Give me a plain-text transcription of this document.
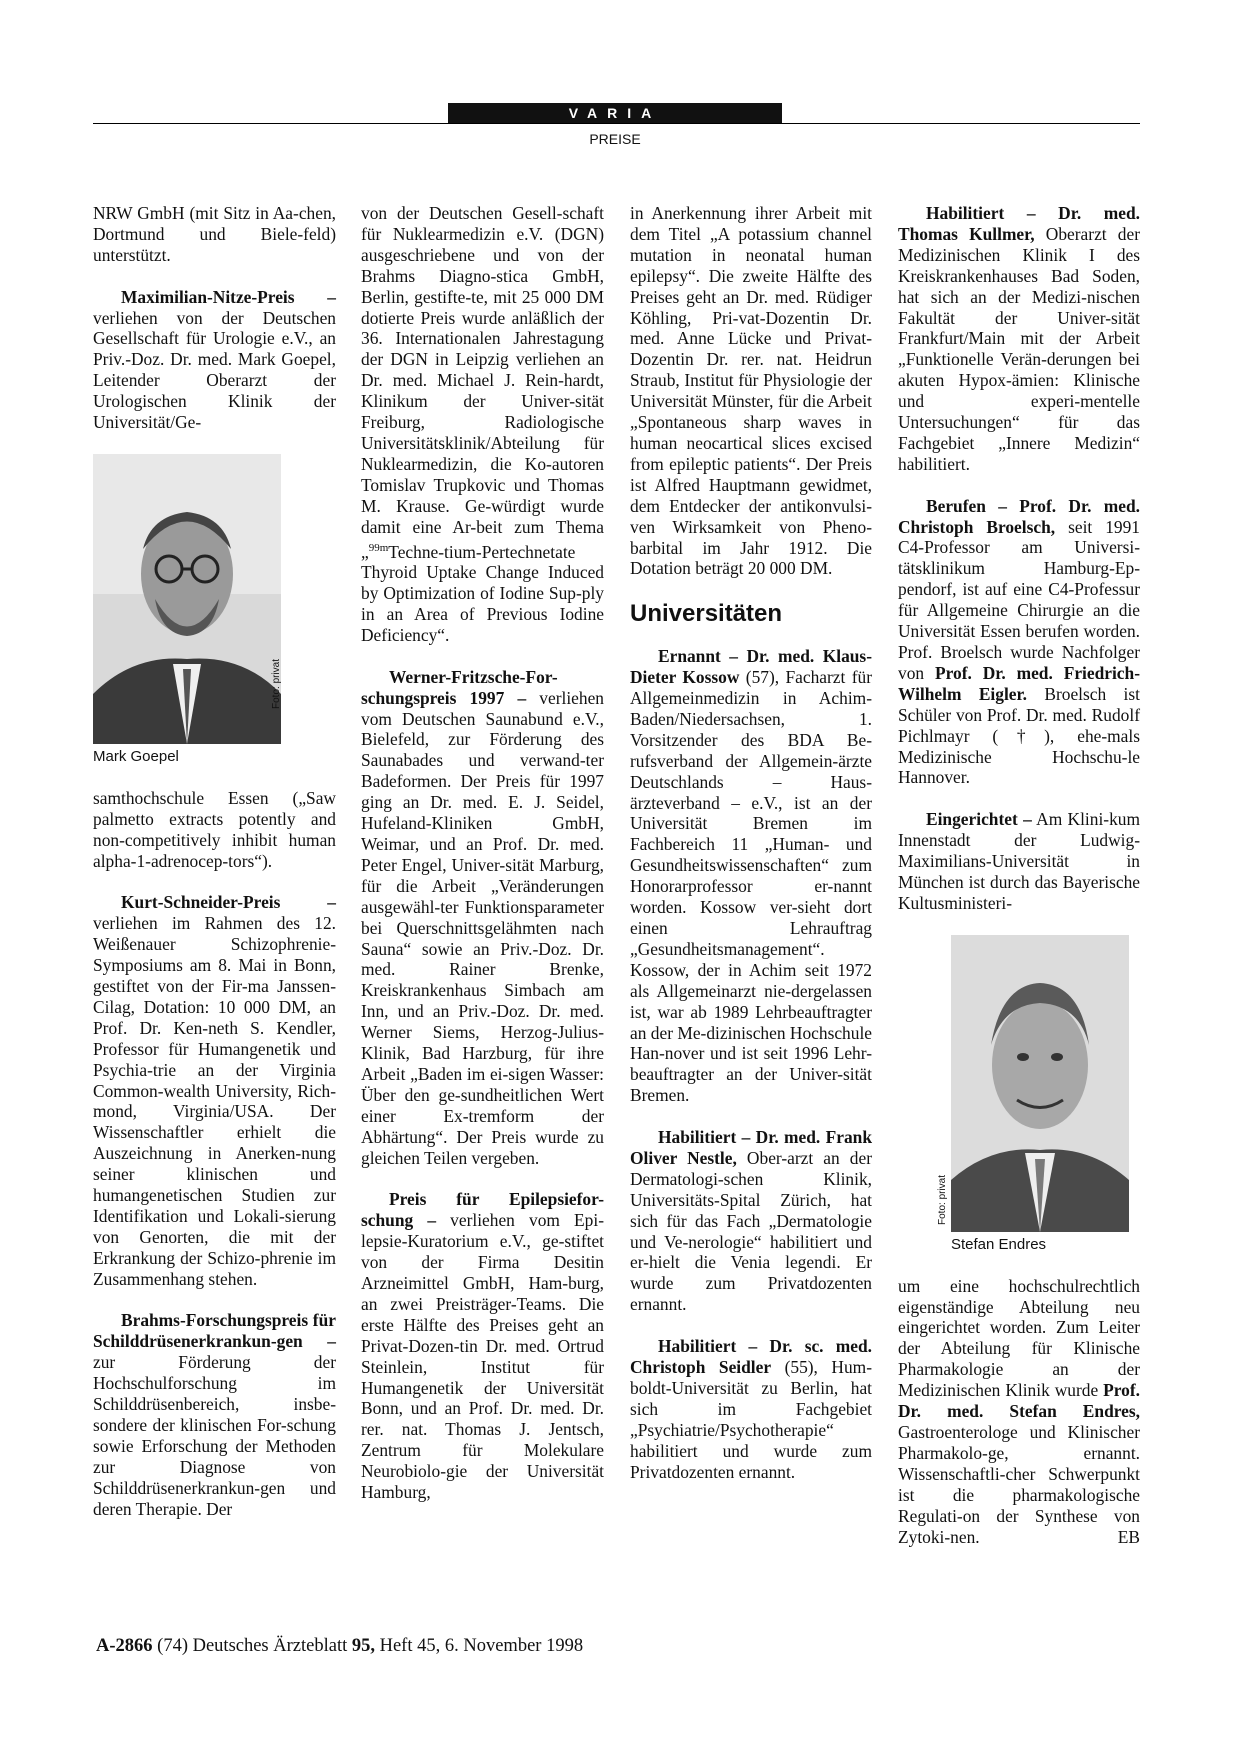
VARIA
PREISE

NRW GmbH (mit Sitz in Aa-chen, Dortmund und Biele-feld) unterstützt.

Maximilian-Nitze-Preis – verliehen von der Deutschen Gesellschaft für Urologie e.V., an Priv.-Doz. Dr. med. Mark Goepel, Leitender Oberarzt der Urologischen Klinik der Universität/Ge-

Foto: privat
Mark Goepel

samthochschule Essen („Saw palmetto extracts potently and non-competitively inhibit human alpha-1-adrenocep-tors“).

Kurt-Schneider-Preis – verliehen im Rahmen des 12. Weißenauer Schizophrenie-Symposiums am 8. Mai in Bonn, gestiftet von der Fir-ma Janssen-Cilag, Dotation: 10 000 DM, an Prof. Dr. Ken-neth S. Kendler, Professor für Humangenetik und Psychia-trie an der Virginia Common-wealth University, Rich-mond, Virginia/USA. Der Wissenschaftler erhielt die Auszeichnung in Anerken-nung seiner klinischen und humangenetischen Studien zur Identifikation und Lokali-sierung von Genorten, die mit der Erkrankung der Schizo-phrenie im Zusammenhang stehen.

Brahms-Forschungspreis für Schilddrüsenerkrankun-gen – zur Förderung der Hochschulforschung im Schilddrüsenbereich, insbe-sondere der klinischen For-schung sowie Erforschung der Methoden zur Diagnose von Schilddrüsenerkrankun-gen und deren Therapie. Der

von der Deutschen Gesell-schaft für Nuklearmedizin e.V. (DGN) ausgeschriebene und von der Brahms Diagno-stica GmbH, Berlin, gestifte-te, mit 25 000 DM dotierte Preis wurde anläßlich der 36. Internationalen Jahrestagung der DGN in Leipzig verliehen an Dr. med. Michael J. Rein-hardt, Klinikum der Univer-sität Freiburg, Radiologische Universitätsklinik/Abteilung für Nuklearmedizin, die Ko-autoren Tomislav Trupkovic und Thomas M. Krause. Ge-würdigt wurde damit eine Ar-beit zum Thema „$^{99m}$Techne-tium-Pertechnetate Thyroid Uptake Change Induced by Optimization of Iodine Sup-ply in an Area of Previous Iodine Deficiency“.

Werner-Fritzsche-For-schungspreis 1997 – verliehen vom Deutschen Saunabund e.V., Bielefeld, zur Förderung des Saunabades und verwand-ter Badeformen. Der Preis für 1997 ging an Dr. med. E. J. Seidel, Hufeland-Kliniken GmbH, Weimar, und an Prof. Dr. med. Peter Engel, Univer-sität Marburg, für die Arbeit „Veränderungen ausgewähl-ter Funktionsparameter bei Querschnittsgelähmten nach Sauna“ sowie an Priv.-Doz. Dr. med. Rainer Brenke, Kreiskrankenhaus Simbach am Inn, und an Priv.-Doz. Dr. med. Werner Siems, Herzog-Julius-Klinik, Bad Harzburg, für ihre Arbeit „Baden im ei-sigen Wasser: Über den ge-sundheitlichen Wert einer Ex-tremform der Abhärtung“. Der Preis wurde zu gleichen Teilen vergeben.

Preis für Epilepsiefor-schung – verliehen vom Epi-lepsie-Kuratorium e.V., ge-stiftet von der Firma Desitin Arzneimittel GmbH, Ham-burg, an zwei Preisträger-Teams. Die erste Hälfte des Preises geht an Privat-Dozen-tin Dr. med. Ortrud Steinlein, Institut für Humangenetik der Universität Bonn, und an Prof. Dr. med. Dr. rer. nat. Thomas J. Jentsch, Zentrum für Molekulare Neurobiolo-gie der Universität Hamburg,

in Anerkennung ihrer Arbeit mit dem Titel „A potassium channel mutation in neonatal human epilepsy“. Die zweite Hälfte des Preises geht an Dr. med. Rüdiger Köhling, Pri-vat-Dozentin Dr. med. Anne Lücke und Privat-Dozentin Dr. rer. nat. Heidrun Straub, Institut für Physiologie der Universität Münster, für die Arbeit „Spontaneous sharp waves in human neocartical slices excised from epileptic patients“. Der Preis ist Alfred Hauptmann gewidmet, dem Entdecker der antikonvulsi-ven Wirksamkeit von Pheno-barbital im Jahr 1912. Die Dotation beträgt 20 000 DM.

Universitäten

Ernannt – Dr. med. Klaus-Dieter Kossow (57), Facharzt für Allgemeinmedizin in Achim-Baden/Niedersachsen, 1. Vorsitzender des BDA Be-rufsverband der Allgemein-ärzte Deutschlands – Haus-ärzteverband – e.V., ist an der Universität Bremen im Fachbereich 11 „Human- und Gesundheitswissenschaften“ zum Honorarprofessor er-nannt worden. Kossow ver-sieht dort einen Lehrauftrag „Gesundheitsmanagement“. Kossow, der in Achim seit 1972 als Allgemeinarzt nie-dergelassen ist, war ab 1989 Lehrbeauftragter an der Me-dizinischen Hochschule Han-nover und ist seit 1996 Lehr-beauftragter an der Univer-sität Bremen.

Habilitiert – Dr. med. Frank Oliver Nestle, Ober-arzt an der Dermatologi-schen Klinik, Universitäts-Spital Zürich, hat sich für das Fach „Dermatologie und Ve-nerologie“ habilitiert und er-hielt die Venia legendi. Er wurde zum Privatdozenten ernannt.

Habilitiert – Dr. sc. med. Christoph Seidler (55), Hum-boldt-Universität zu Berlin, hat sich im Fachgebiet „Psychiatrie/Psychotherapie“ habilitiert und wurde zum Privatdozenten ernannt.

Habilitiert – Dr. med. Thomas Kullmer, Oberarzt der Medizinischen Klinik I des Kreiskrankenhauses Bad Soden, hat sich an der Medizi-nischen Fakultät der Univer-sität Frankfurt/Main mit der Arbeit „Funktionelle Verän-derungen bei akuten Hypox-ämien: Klinische und experi-mentelle Untersuchungen“ für das Fachgebiet „Innere Medizin“ habilitiert.

Berufen – Prof. Dr. med. Christoph Broelsch, seit 1991 C4-Professor am Universi-tätsklinikum Hamburg-Ep-pendorf, ist auf eine C4-Professur für Allgemeine Chirurgie an die Universität Essen berufen worden. Prof. Broelsch wurde Nachfolger von Prof. Dr. med. Friedrich-Wilhelm Eigler. Broelsch ist Schüler von Prof. Dr. med. Rudolf Pichlmayr (†), ehe-mals Medizinische Hochschu-le Hannover.

Eingerichtet – Am Klini-kum Innenstadt der Ludwig-Maximilians-Universität in München ist durch das Bayerische Kultusministeri-

Foto: privat
Stefan Endres

um eine hochschulrechtlich eigenständige Abteilung neu eingerichtet worden. Zum Leiter der Abteilung für Klinische Pharmakologie an der Medizinischen Klinik wurde Prof. Dr. med. Stefan Endres, Gastroenterologe und Klinischer Pharmakolo-ge, ernannt. Wissenschaftli-cher Schwerpunkt ist die pharmakologische Regulati-on der Synthese von Zytoki-nen.	EB

A-2866 (74) Deutsches Ärzteblatt 95, Heft 45, 6. November 1998
